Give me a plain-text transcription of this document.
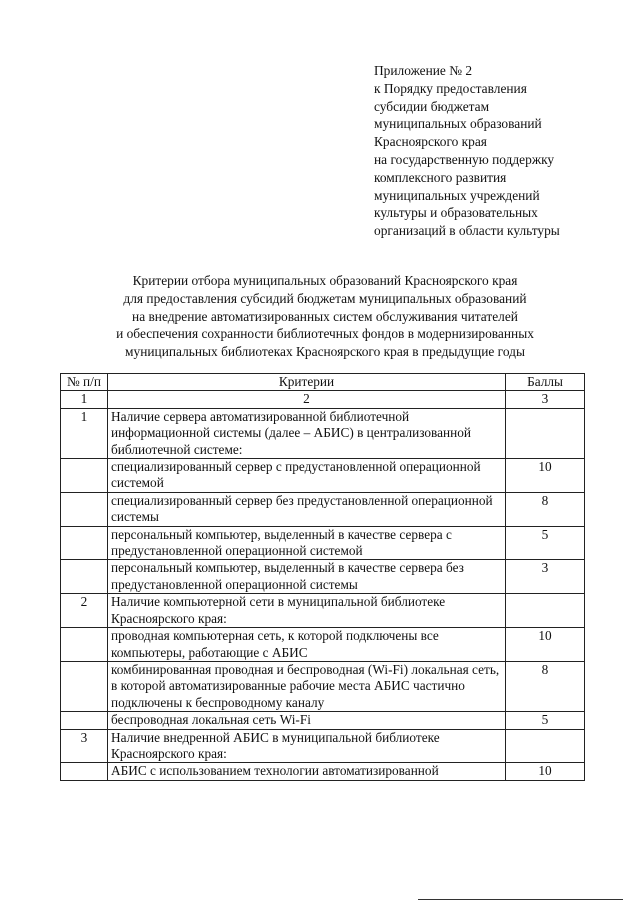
Приложение № 2
к Порядку предоставления
субсидии бюджетам
муниципальных образований
Красноярского края
на государственную поддержку
комплексного развития
муниципальных учреждений
культуры и образовательных
организаций в области культуры
Критерии отбора муниципальных образований Красноярского края
для предоставления субсидий бюджетам муниципальных образований
на внедрение автоматизированных систем обслуживания читателей
и обеспечения сохранности библиотечных фондов в модернизированных
муниципальных библиотеках Красноярского края в предыдущие годы
№ п/п	Критерии	Баллы
1	2	3
1	Наличие сервера автоматизированной библиотечной информационной системы (далее – АБИС) в централизованной библиотечной системе:	
	специализированный сервер с предустановленной операционной системой	10
	специализированный сервер без предустановленной операционной системы	8
	персональный компьютер, выделенный в качестве сервера с предустановленной операционной системой	5
	персональный компьютер, выделенный в качестве сервера без предустановленной операционной системы	3
2	Наличие компьютерной сети в муниципальной библиотеке Красноярского края:	
	проводная компьютерная сеть, к которой подключены все компьютеры, работающие с АБИС	10
	комбинированная проводная и беспроводная (Wi-Fi) локальная сеть, в которой автоматизированные рабочие места АБИС частично подключены к беспроводному каналу	8
	беспроводная локальная сеть Wi-Fi	5
3	Наличие внедренной АБИС в муниципальной библиотеке Красноярского края:	
	АБИС с использованием технологии автоматизированной	10
